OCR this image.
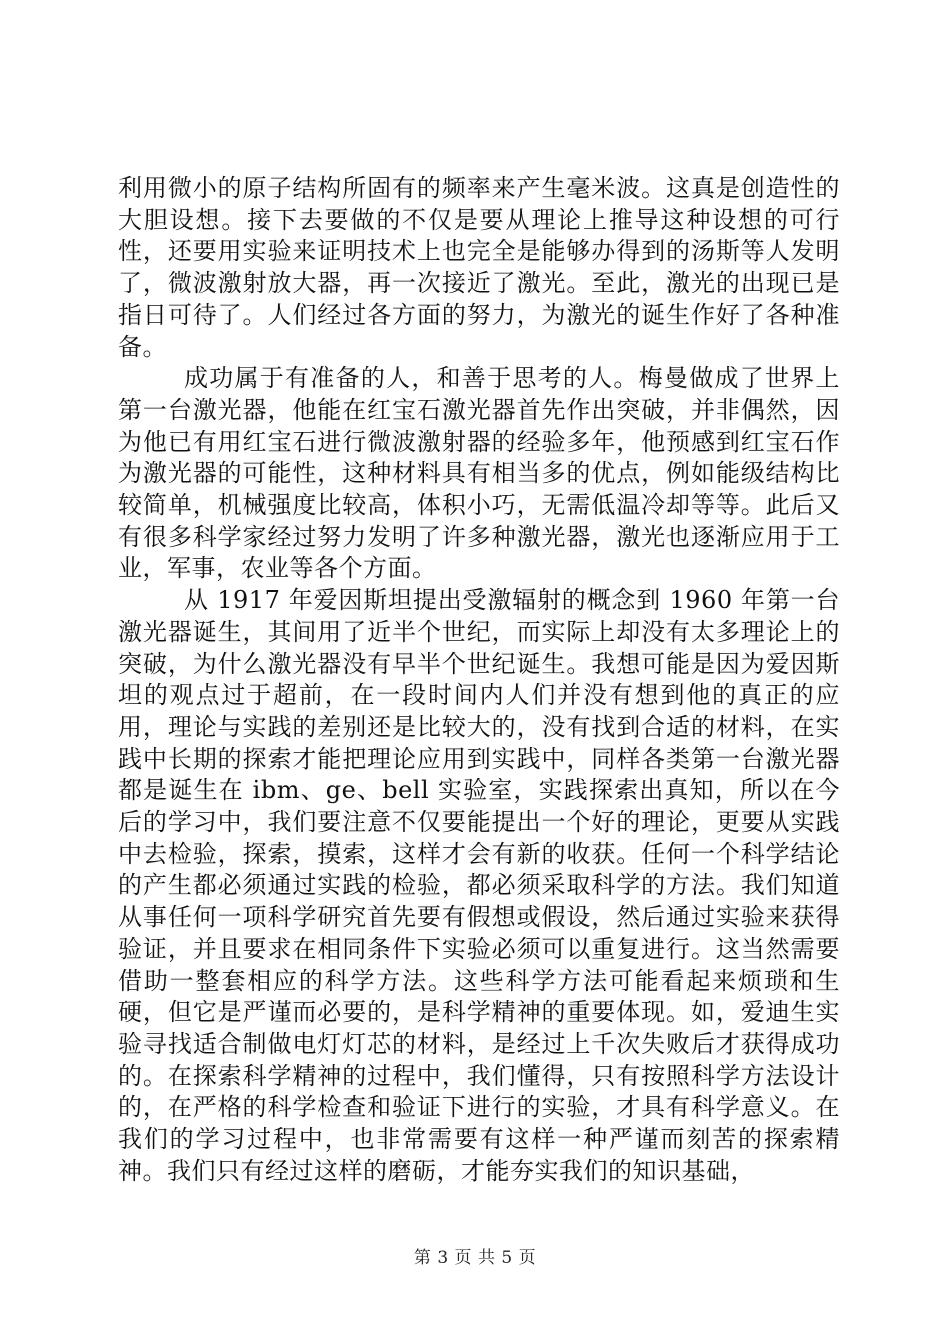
利用微小的原子结构所固有的频率来产生毫米波。这真是创造性的大胆设想。接下去要做的不仅是要从理论上推导这种设想的可行性，还要用实验来证明技术上也完全是能够办得到的汤斯等人发明了，微波激射放大器，再一次接近了激光。至此，激光的出现已是指日可待了。人们经过各方面的努力，为激光的诞生作好了各种准备。

成功属于有准备的人，和善于思考的人。梅曼做成了世界上第一台激光器，他能在红宝石激光器首先作出突破，并非偶然，因为他已有用红宝石进行微波激射器的经验多年，他预感到红宝石作为激光器的可能性，这种材料具有相当多的优点，例如能级结构比较简单，机械强度比较高，体积小巧，无需低温冷却等等。此后又有很多科学家经过努力发明了许多种激光器，激光也逐渐应用于工业，军事，农业等各个方面。

从 1917 年爱因斯坦提出受激辐射的概念到 1960 年第一台激光器诞生，其间用了近半个世纪，而实际上却没有太多理论上的突破，为什么激光器没有早半个世纪诞生。我想可能是因为爱因斯坦的观点过于超前，在一段时间内人们并没有想到他的真正的应用，理论与实践的差别还是比较大的，没有找到合适的材料，在实践中长期的探索才能把理论应用到实践中，同样各类第一台激光器都是诞生在 ibm、ge、bell 实验室，实践探索出真知，所以在今后的学习中，我们要注意不仅要能提出一个好的理论，更要从实践中去检验，探索，摸索，这样才会有新的收获。任何一个科学结论的产生都必须通过实践的检验，都必须采取科学的方法。我们知道从事任何一项科学研究首先要有假想或假设，然后通过实验来获得验证，并且要求在相同条件下实验必须可以重复进行。这当然需要借助一整套相应的科学方法。这些科学方法可能看起来烦琐和生硬，但它是严谨而必要的，是科学精神的重要体现。如，爱迪生实验寻找适合制做电灯灯芯的材料，是经过上千次失败后才获得成功的。在探索科学精神的过程中，我们懂得，只有按照科学方法设计的，在严格的科学检查和验证下进行的实验，才具有科学意义。在我们的学习过程中，也非常需要有这样一种严谨而刻苦的探索精神。我们只有经过这样的磨砺，才能夯实我们的知识基础，

第 3 页 共 5 页
